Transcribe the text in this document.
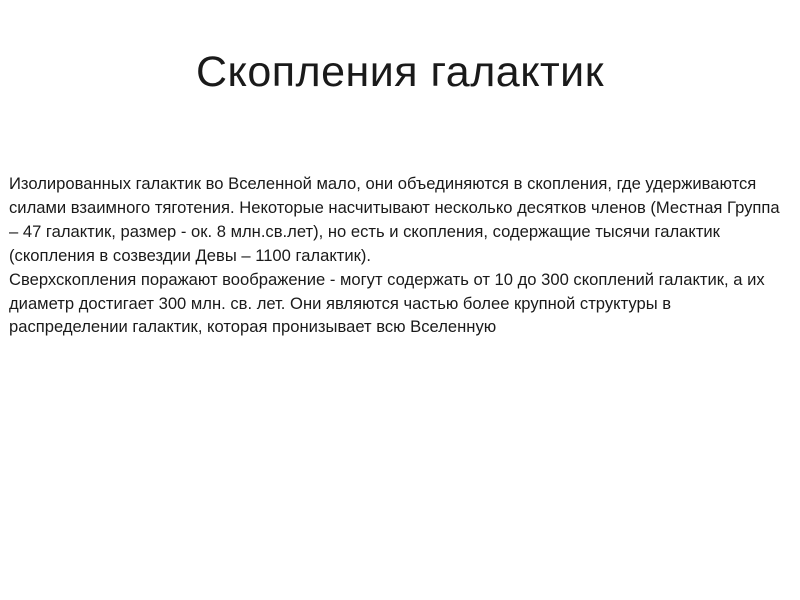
Скопления галактик

Изолированных галактик во Вселенной мало, они объединяются в скопления, где удерживаются силами взаимного тяготения. Некоторые насчитывают несколько десятков членов (Местная Группа – 47 галактик, размер - ок. 8 млн.св.лет), но есть и скопления, содержащие тысячи галактик (скопления в созвездии Девы – 1100 галактик).

Сверхскопления поражают воображение - могут содержать от 10 до 300 скоплений галактик, а их диаметр достигает 300 млн. св. лет. Они являются частью более крупной структуры в распределении галактик, которая пронизывает всю Вселенную
